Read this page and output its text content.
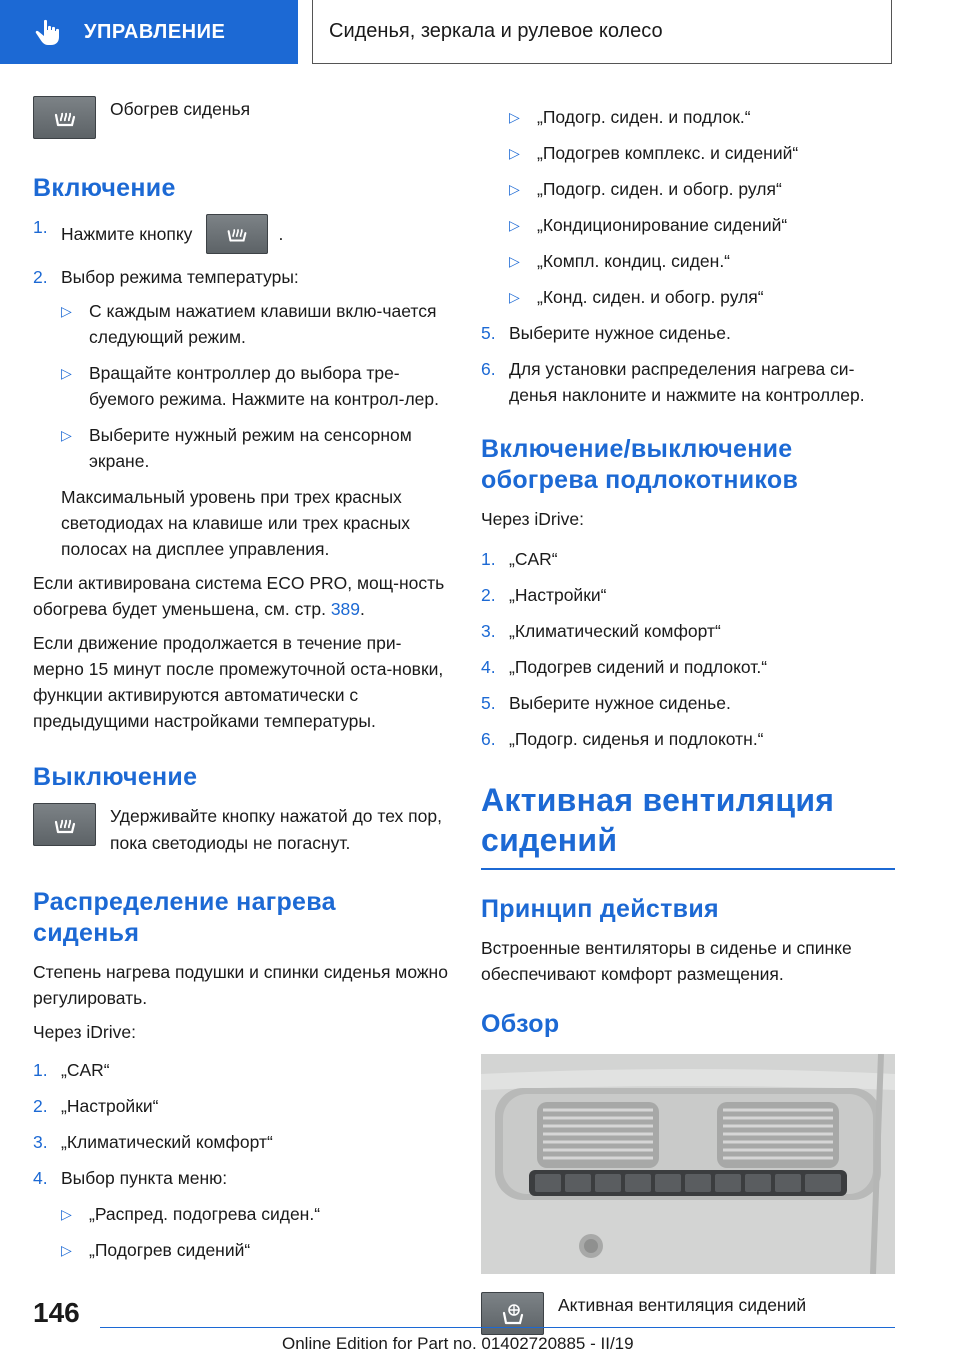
УПРАВЛЕНИЕ	Сиденья, зеркала и рулевое колесо
Обогрев сиденья
Включение
1. Нажмите кнопку	.
2. Выбор режима температуры:
▷ С каждым нажатием клавиши вклю-чается следующий режим.
▷ Вращайте контроллер до выбора тре-буемого режима. Нажмите на контрол-лер.
▷ Выберите нужный режим на сенсорном экране.

Максимальный уровень при трех красных светодиодах на клавише или трех красных полосах на дисплее управления.

Если активирована система ECO PRO, мощ-ность обогрева будет уменьшена, см. стр. 389.

Если движение продолжается в течение при-мерно 15 минут после промежуточной оста-новки, функции активируются автоматически с предыдущими настройками температуры.

Выключение
Удерживайте кнопку нажатой до тех пор, пока светодиоды не погаснут.
Распределение нагрева сиденья

Степень нагрева подушки и спинки сиденья можно регулировать.

Через iDrive:

1. „CAR“
2. „Настройки“
3. „Климатический комфорт“
4. Выбор пункта меню:
▷ „Распред. подогрева сиден.“
▷ „Подогрев сидений“
▷ „Подогр. сиден. и подлок.“
▷ „Подогрев комплекс. и сидений“
▷ „Подогр. сиден. и обогр. руля“
▷ „Кондиционирование сидений“
▷ „Компл. кондиц. сиден.“
▷ „Конд. сиден. и обогр. руля“
5. Выберите нужное сиденье.
6. Для установки распределения нагрева си-денья наклоните и нажмите на контроллер.
Включение/выключение обогрева подлокотников

Через iDrive:

1. „CAR“
2. „Настройки“
3. „Климатический комфорт“
4. „Подогрев сидений и подлокот.“
5. Выберите нужное сиденье.
6. „Подогр. сиденья и подлокотн.“
Активная вентиляция сидений
Принцип действия

Встроенные вентиляторы в сиденье и спинке обеспечивают комфорт размещения.

Обзор
Активная вентиляция сидений
146
Online Edition for Part no. 01402720885 - II/19
